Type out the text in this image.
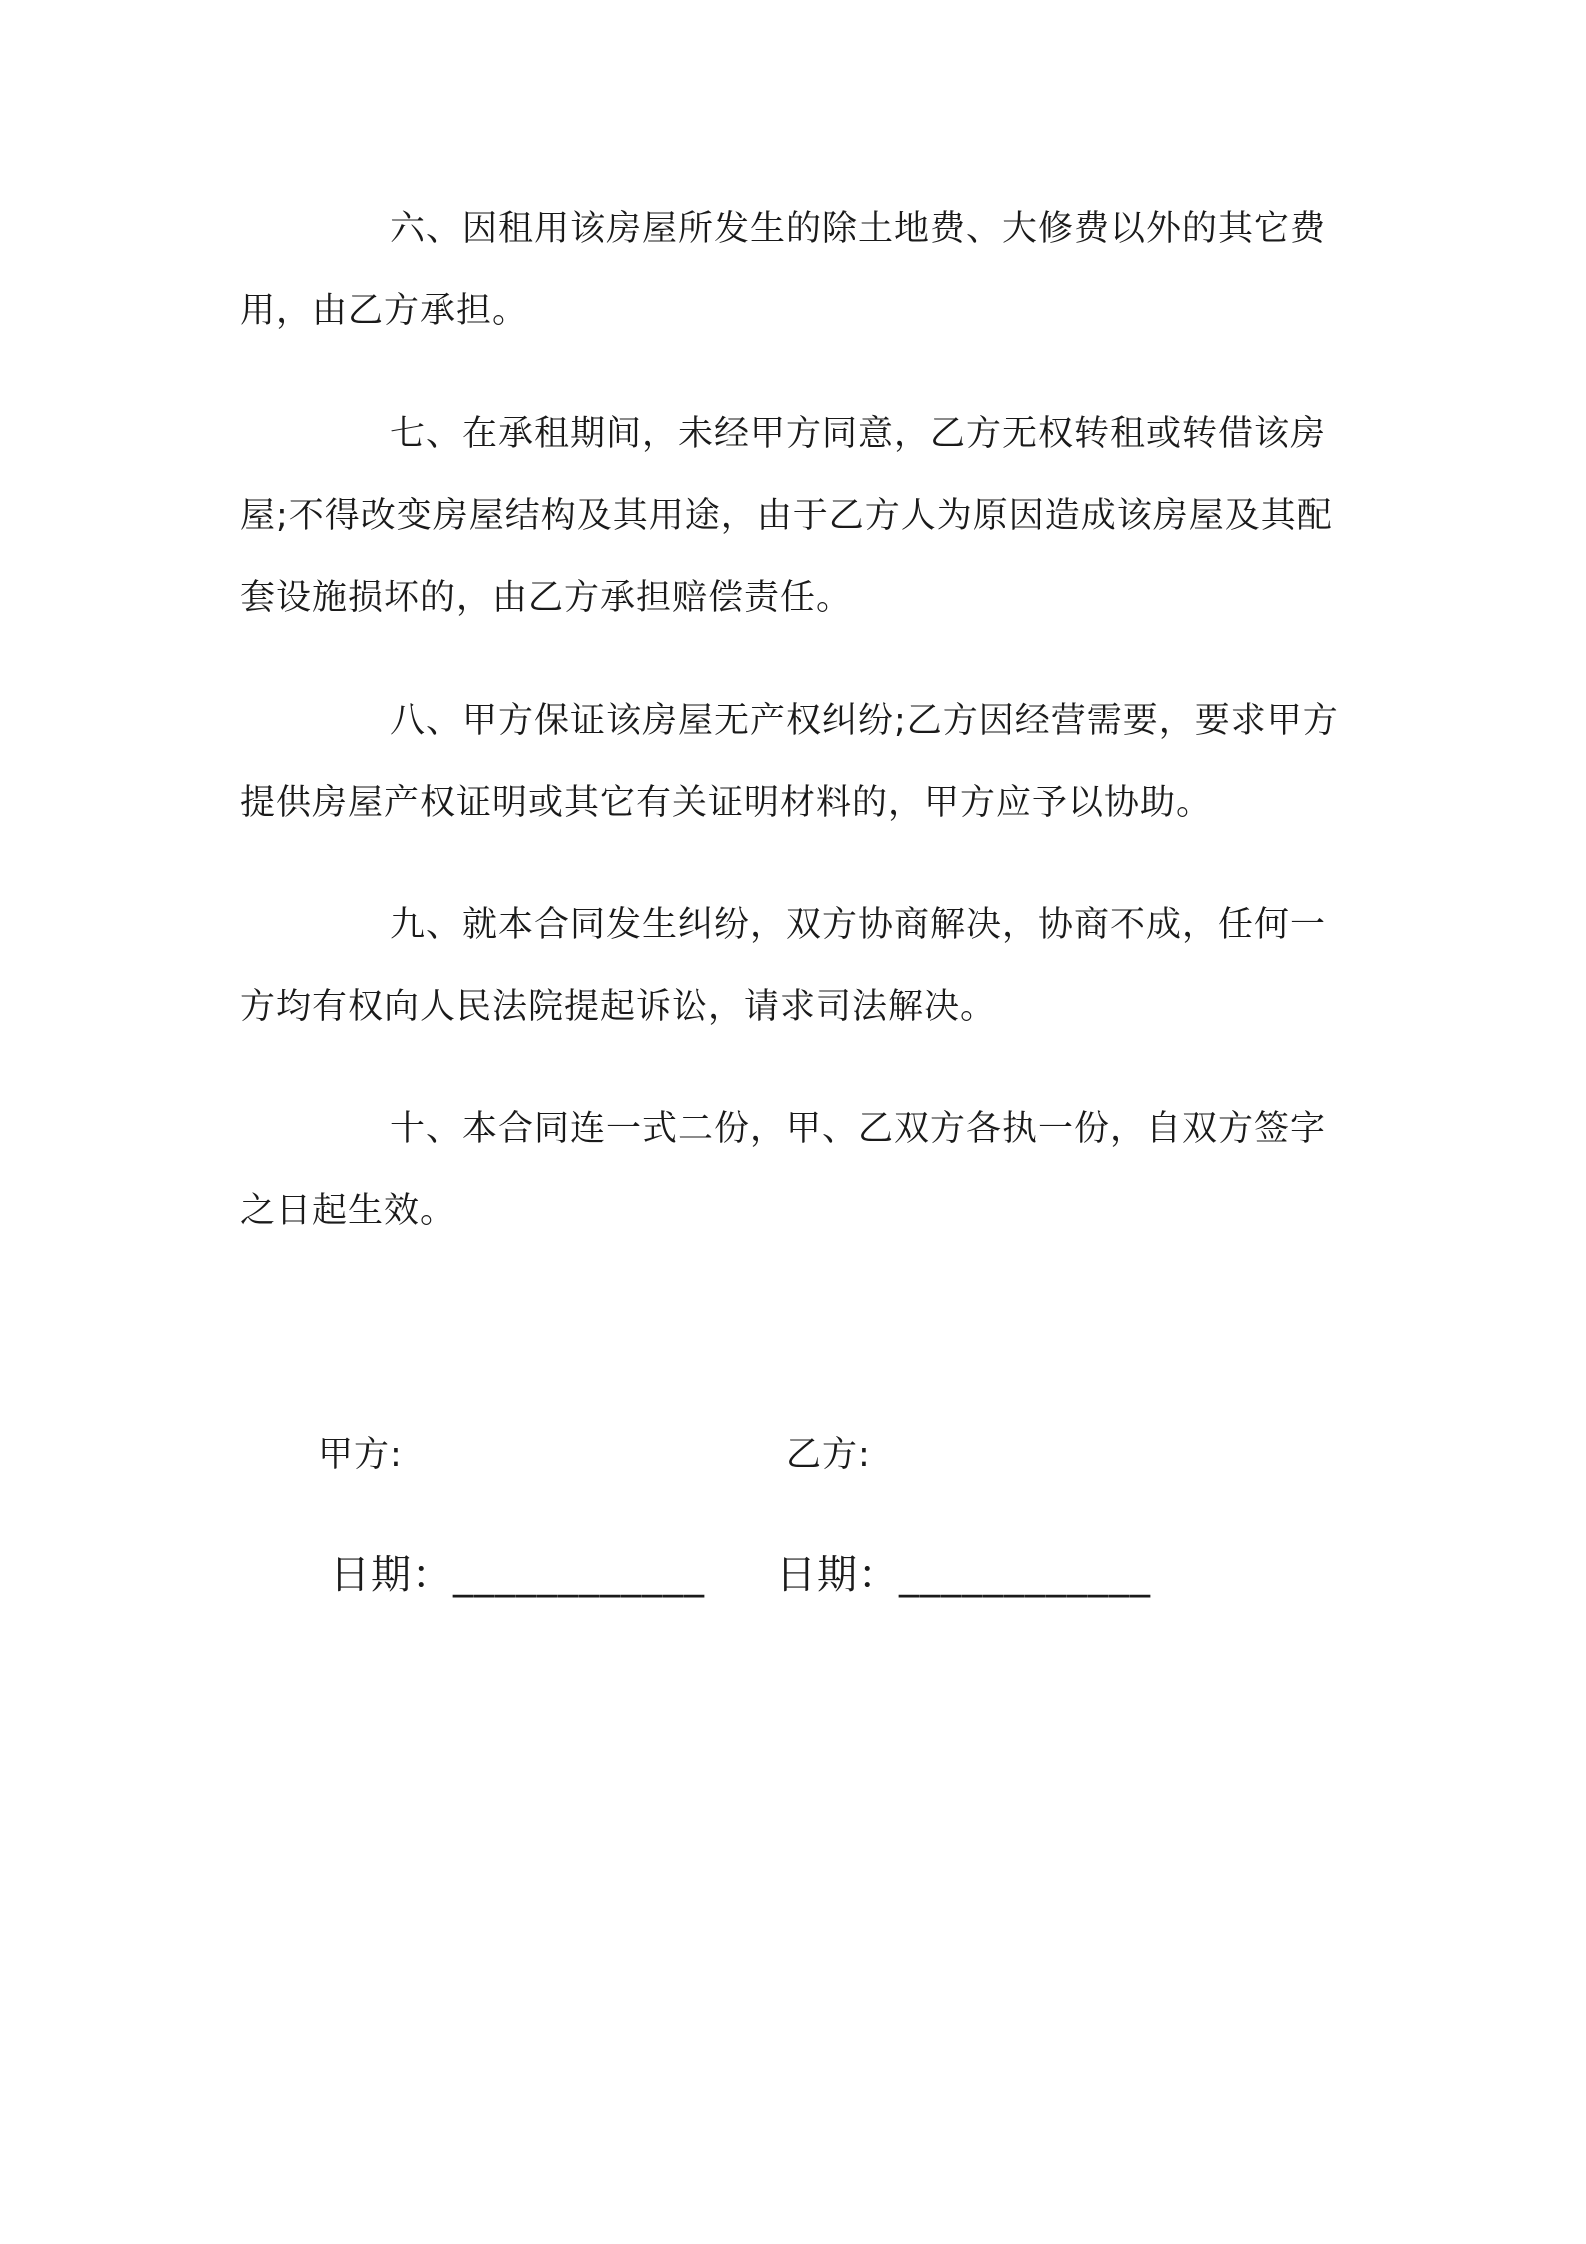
六、因租用该房屋所发生的除土地费、大修费以外的其它费用，由乙方承担。

七、在承租期间，未经甲方同意，乙方无权转租或转借该房屋;不得改变房屋结构及其用途，由于乙方人为原因造成该房屋及其配套设施损坏的，由乙方承担赔偿责任。

八、甲方保证该房屋无产权纠纷;乙方因经营需要，要求甲方提供房屋产权证明或其它有关证明材料的，甲方应予以协助。

九、就本合同发生纠纷，双方协商解决，协商不成，任何一方均有权向人民法院提起诉讼，请求司法解决。

十、本合同连一式二份，甲、乙双方各执一份，自双方签字之日起生效。

甲方:	乙方:
日期：____________ 日期：____________
